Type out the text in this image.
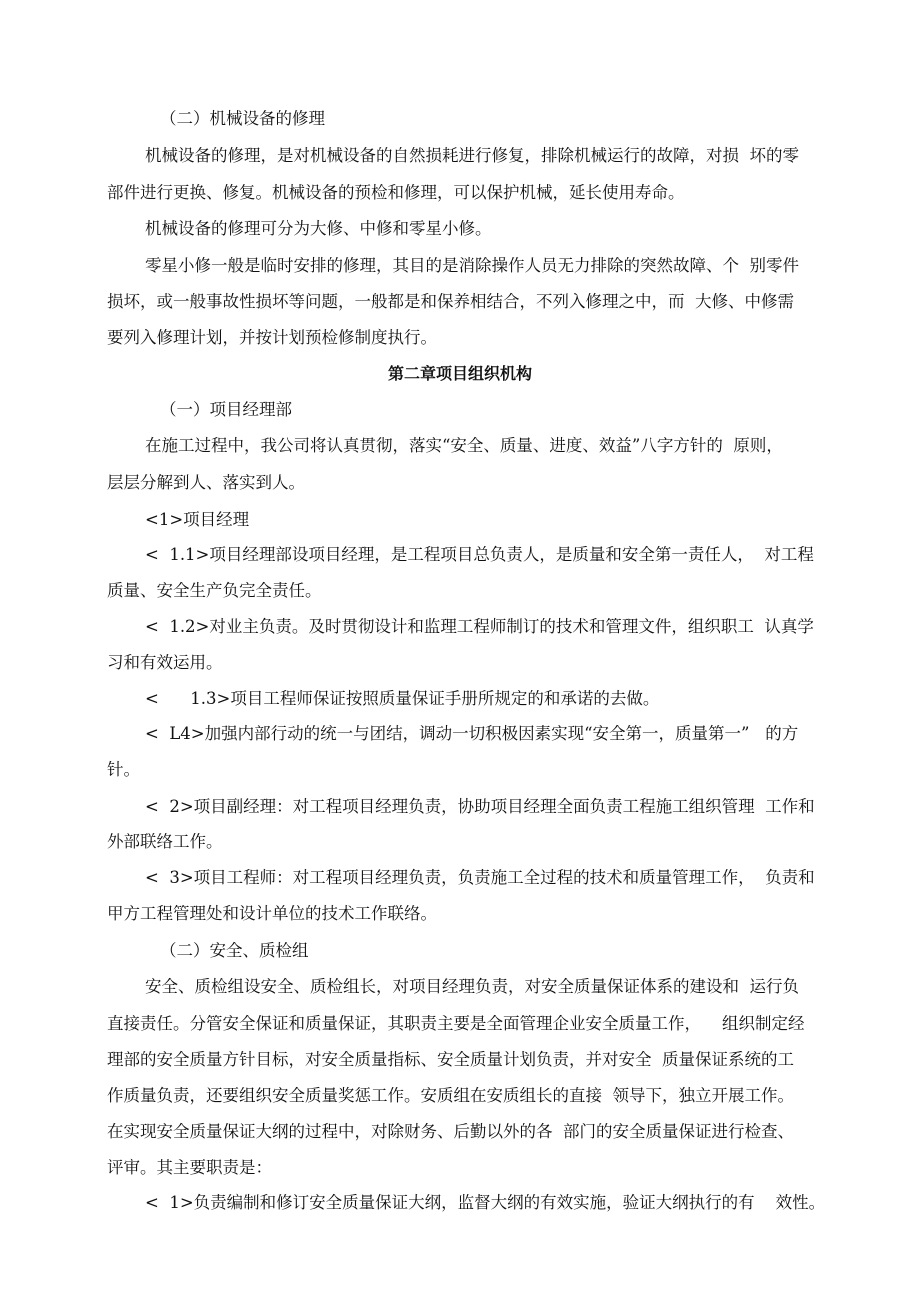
（二）机械设备的修理
机械设备的修理，是对机械设备的自然损耗进行修复，排除机械运行的故障，对损  坏的零
部件进行更换、修复。机械设备的预检和修理，可以保护机械，延长使用寿命。
机械设备的修理可分为大修、中修和零星小修。
零星小修一般是临时安排的修理，其目的是消除操作人员无力排除的突然故障、个  别零件
损坏，或一般事故性损坏等问题，一般都是和保养相结合，不列入修理之中，而  大修、中修需
要列入修理计划，并按计划预检修制度执行。
第二章项目组织机构
（一）项目经理部
在施工过程中，我公司将认真贯彻，落实“安全、质量、进度、效益”八字方针的  原则，
层层分解到人、落实到人。
<1>项目经理
<  1.1>项目经理部设项目经理，是工程项目总负责人，是质量和安全第一责任人，  对工程
质量、安全生产负完全责任。
<  1.2>对业主负责。及时贯彻设计和监理工程师制订的技术和管理文件，组织职工  认真学
习和有效运用。
<      1.3>项目工程师保证按照质量保证手册所规定的和承诺的去做。
<  L4>加强内部行动的统一与团结，调动一切积极因素实现“安全第一，质量第一”   的方
针。
<  2>项目副经理：对工程项目经理负责，协助项目经理全面负责工程施工组织管理  工作和
外部联络工作。
<  3>项目工程师：对工程项目经理负责，负责施工全过程的技术和质量管理工作，  负责和
甲方工程管理处和设计单位的技术工作联络。
（二）安全、质检组
安全、质检组设安全、质检组长，对项目经理负责，对安全质量保证体系的建设和  运行负
直接责任。分管安全保证和质量保证，其职责主要是全面管理企业安全质量工作，    组织制定经
理部的安全质量方针目标，对安全质量指标、安全质量计划负责，并对安全  质量保证系统的工
作质量负责，还要组织安全质量奖惩工作。安质组在安质组长的直接  领导下，独立开展工作。
在实现安全质量保证大纲的过程中，对除财务、后勤以外的各  部门的安全质量保证进行检查、
评审。其主要职责是：
<  1>负责编制和修订安全质量保证大纲，监督大纲的有效实施，验证大纲执行的有    效性。
